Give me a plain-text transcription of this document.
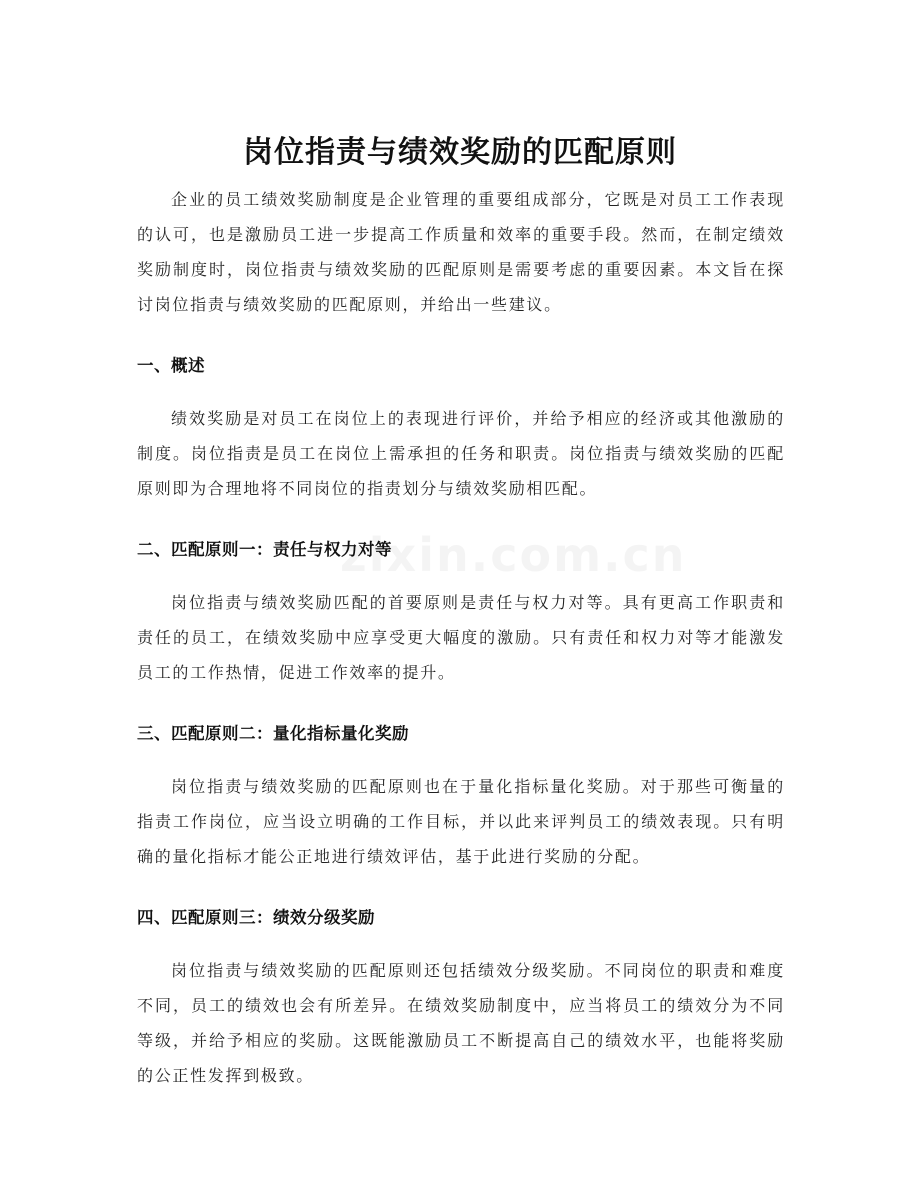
岗位指责与绩效奖励的匹配原则

企业的员工绩效奖励制度是企业管理的重要组成部分，它既是对员工工作表现的认可，也是激励员工进一步提高工作质量和效率的重要手段。然而，在制定绩效奖励制度时，岗位指责与绩效奖励的匹配原则是需要考虑的重要因素。本文旨在探讨岗位指责与绩效奖励的匹配原则，并给出一些建议。

一、概述

绩效奖励是对员工在岗位上的表现进行评价，并给予相应的经济或其他激励的制度。岗位指责是员工在岗位上需承担的任务和职责。岗位指责与绩效奖励的匹配原则即为合理地将不同岗位的指责划分与绩效奖励相匹配。

二、匹配原则一：责任与权力对等

岗位指责与绩效奖励匹配的首要原则是责任与权力对等。具有更高工作职责和责任的员工，在绩效奖励中应享受更大幅度的激励。只有责任和权力对等才能激发员工的工作热情，促进工作效率的提升。

三、匹配原则二：量化指标量化奖励

岗位指责与绩效奖励的匹配原则也在于量化指标量化奖励。对于那些可衡量的指责工作岗位，应当设立明确的工作目标，并以此来评判员工的绩效表现。只有明确的量化指标才能公正地进行绩效评估，基于此进行奖励的分配。

四、匹配原则三：绩效分级奖励

岗位指责与绩效奖励的匹配原则还包括绩效分级奖励。不同岗位的职责和难度不同，员工的绩效也会有所差异。在绩效奖励制度中，应当将员工的绩效分为不同等级，并给予相应的奖励。这既能激励员工不断提高自己的绩效水平，也能将奖励的公正性发挥到极致。
